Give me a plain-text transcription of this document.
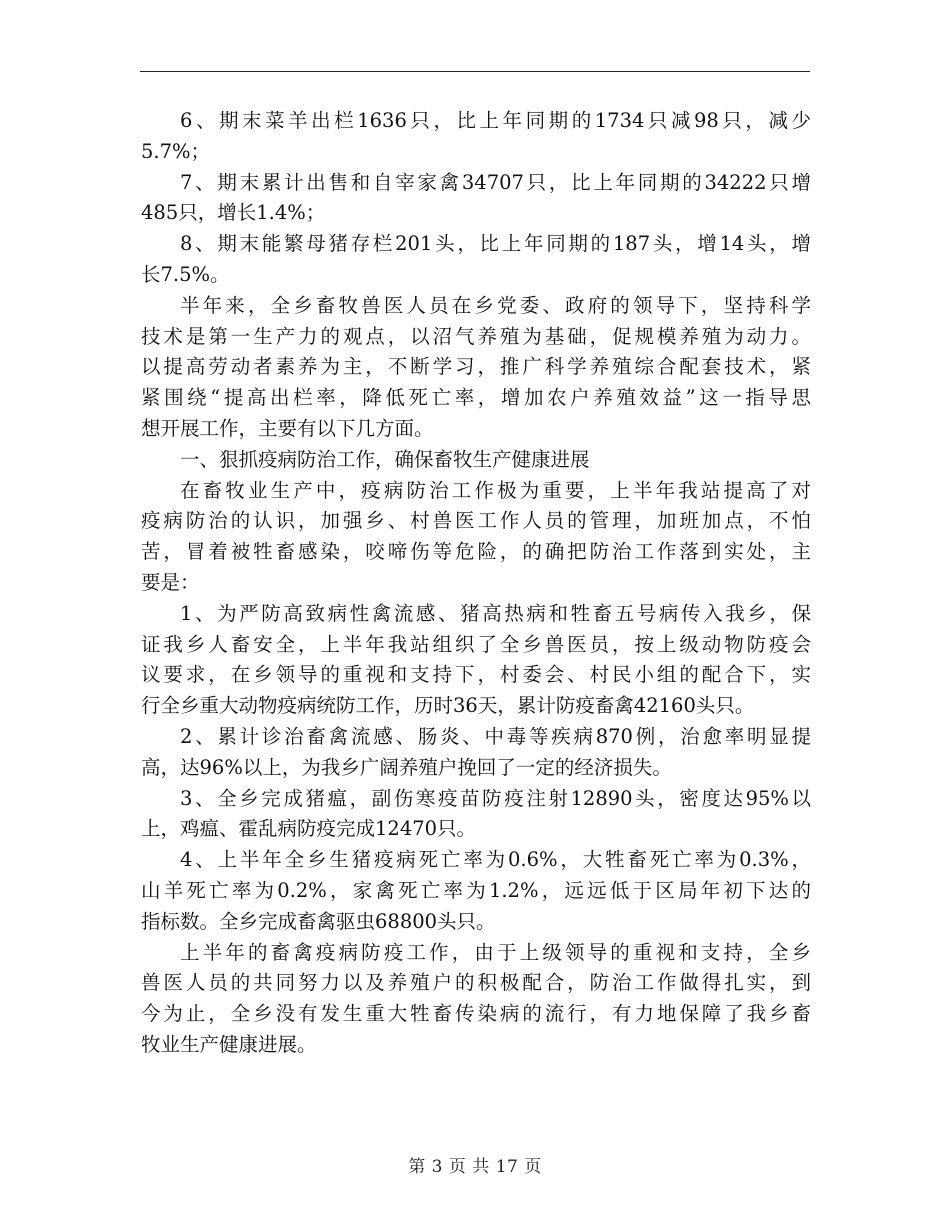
6、期末菜羊出栏1636只，比上年同期的1734只减98只，减少
5.7%；
7、期末累计出售和自宰家禽34707只，比上年同期的34222只增
485只，增长1.4%；
8、期末能繁母猪存栏201头，比上年同期的187头，增14头，增
长7.5%。
半年来，全乡畜牧兽医人员在乡党委、政府的领导下，坚持科学
技术是第一生产力的观点，以沼气养殖为基础，促规模养殖为动力。
以提高劳动者素养为主，不断学习，推广科学养殖综合配套技术，紧
紧围绕“提高出栏率，降低死亡率，增加农户养殖效益”这一指导思
想开展工作，主要有以下几方面。
一、狠抓疫病防治工作，确保畜牧生产健康进展
在畜牧业生产中，疫病防治工作极为重要，上半年我站提高了对
疫病防治的认识，加强乡、村兽医工作人员的管理，加班加点，不怕
苦，冒着被牲畜感染，咬啼伤等危险，的确把防治工作落到实处，主
要是：
1、为严防高致病性禽流感、猪高热病和牲畜五号病传入我乡，保
证我乡人畜安全，上半年我站组织了全乡兽医员，按上级动物防疫会
议要求，在乡领导的重视和支持下，村委会、村民小组的配合下，实
行全乡重大动物疫病统防工作，历时36天，累计防疫畜禽42160头只。
2、累计诊治畜禽流感、肠炎、中毒等疾病870例，治愈率明显提
高，达96%以上，为我乡广阔养殖户挽回了一定的经济损失。
3、全乡完成猪瘟，副伤寒疫苗防疫注射12890头，密度达95%以
上，鸡瘟、霍乱病防疫完成12470只。
4、上半年全乡生猪疫病死亡率为0.6%，大牲畜死亡率为0.3%，
山羊死亡率为0.2%，家禽死亡率为1.2%，远远低于区局年初下达的
指标数。全乡完成畜禽驱虫68800头只。
上半年的畜禽疫病防疫工作，由于上级领导的重视和支持，全乡
兽医人员的共同努力以及养殖户的积极配合，防治工作做得扎实，到
今为止，全乡没有发生重大牲畜传染病的流行，有力地保障了我乡畜
牧业生产健康进展。
第 3 页 共 17 页
